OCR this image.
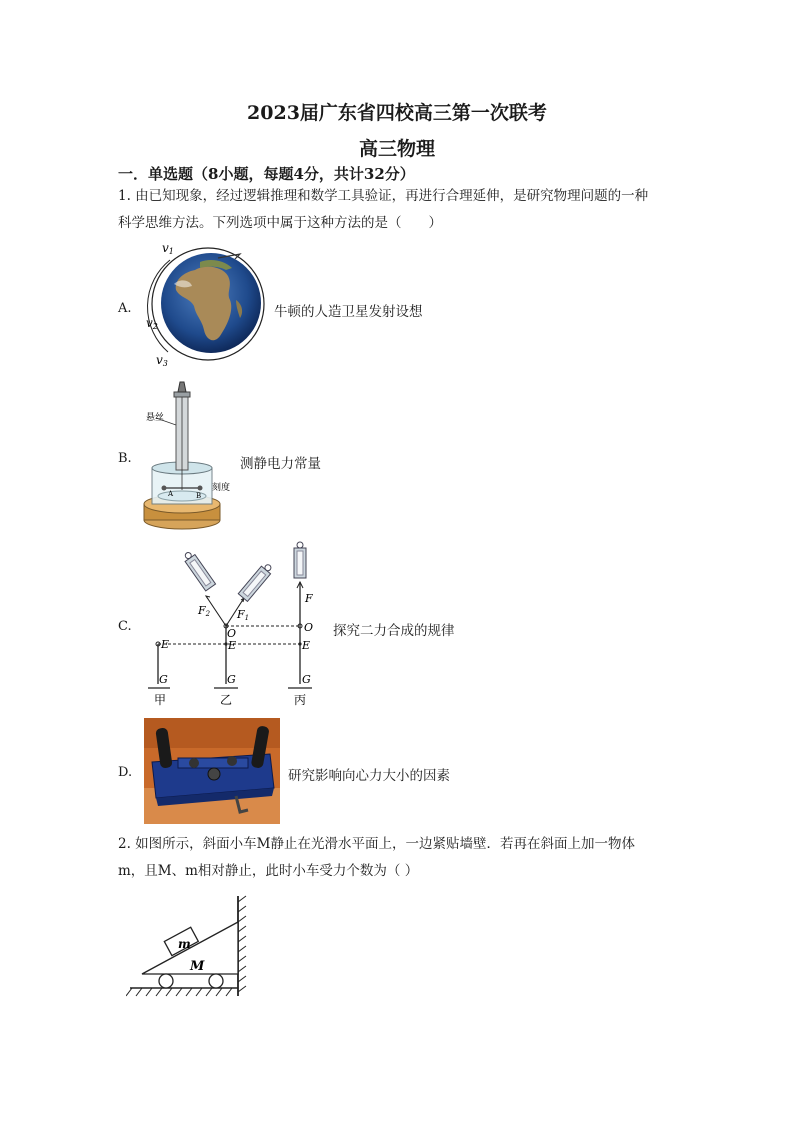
2023届广东省四校高三第一次联考
高三物理
一．单选题（8小题，每题4分，共计32分）
1. 由已知现象，经过逻辑推理和数学工具验证，再进行合理延伸，是研究物理问题的一种
科学思维方法。下列选项中属于这种方法的是（　　）
A.
v1
v2
v3
牛顿的人造卫星发射设想
B.
悬丝
A	B
刻度
测静电力常量
C.
E
G
甲
F2 F1
O
E
G
乙
F
O
E
G
丙
探究二力合成的规律
D.	研究影响向心力大小的因素
2. 如图所示，斜面小车M静止在光滑水平面上，一边紧贴墙壁．若再在斜面上加一物体
m，且M、m相对静止，此时小车受力个数为（ ）
m
M
